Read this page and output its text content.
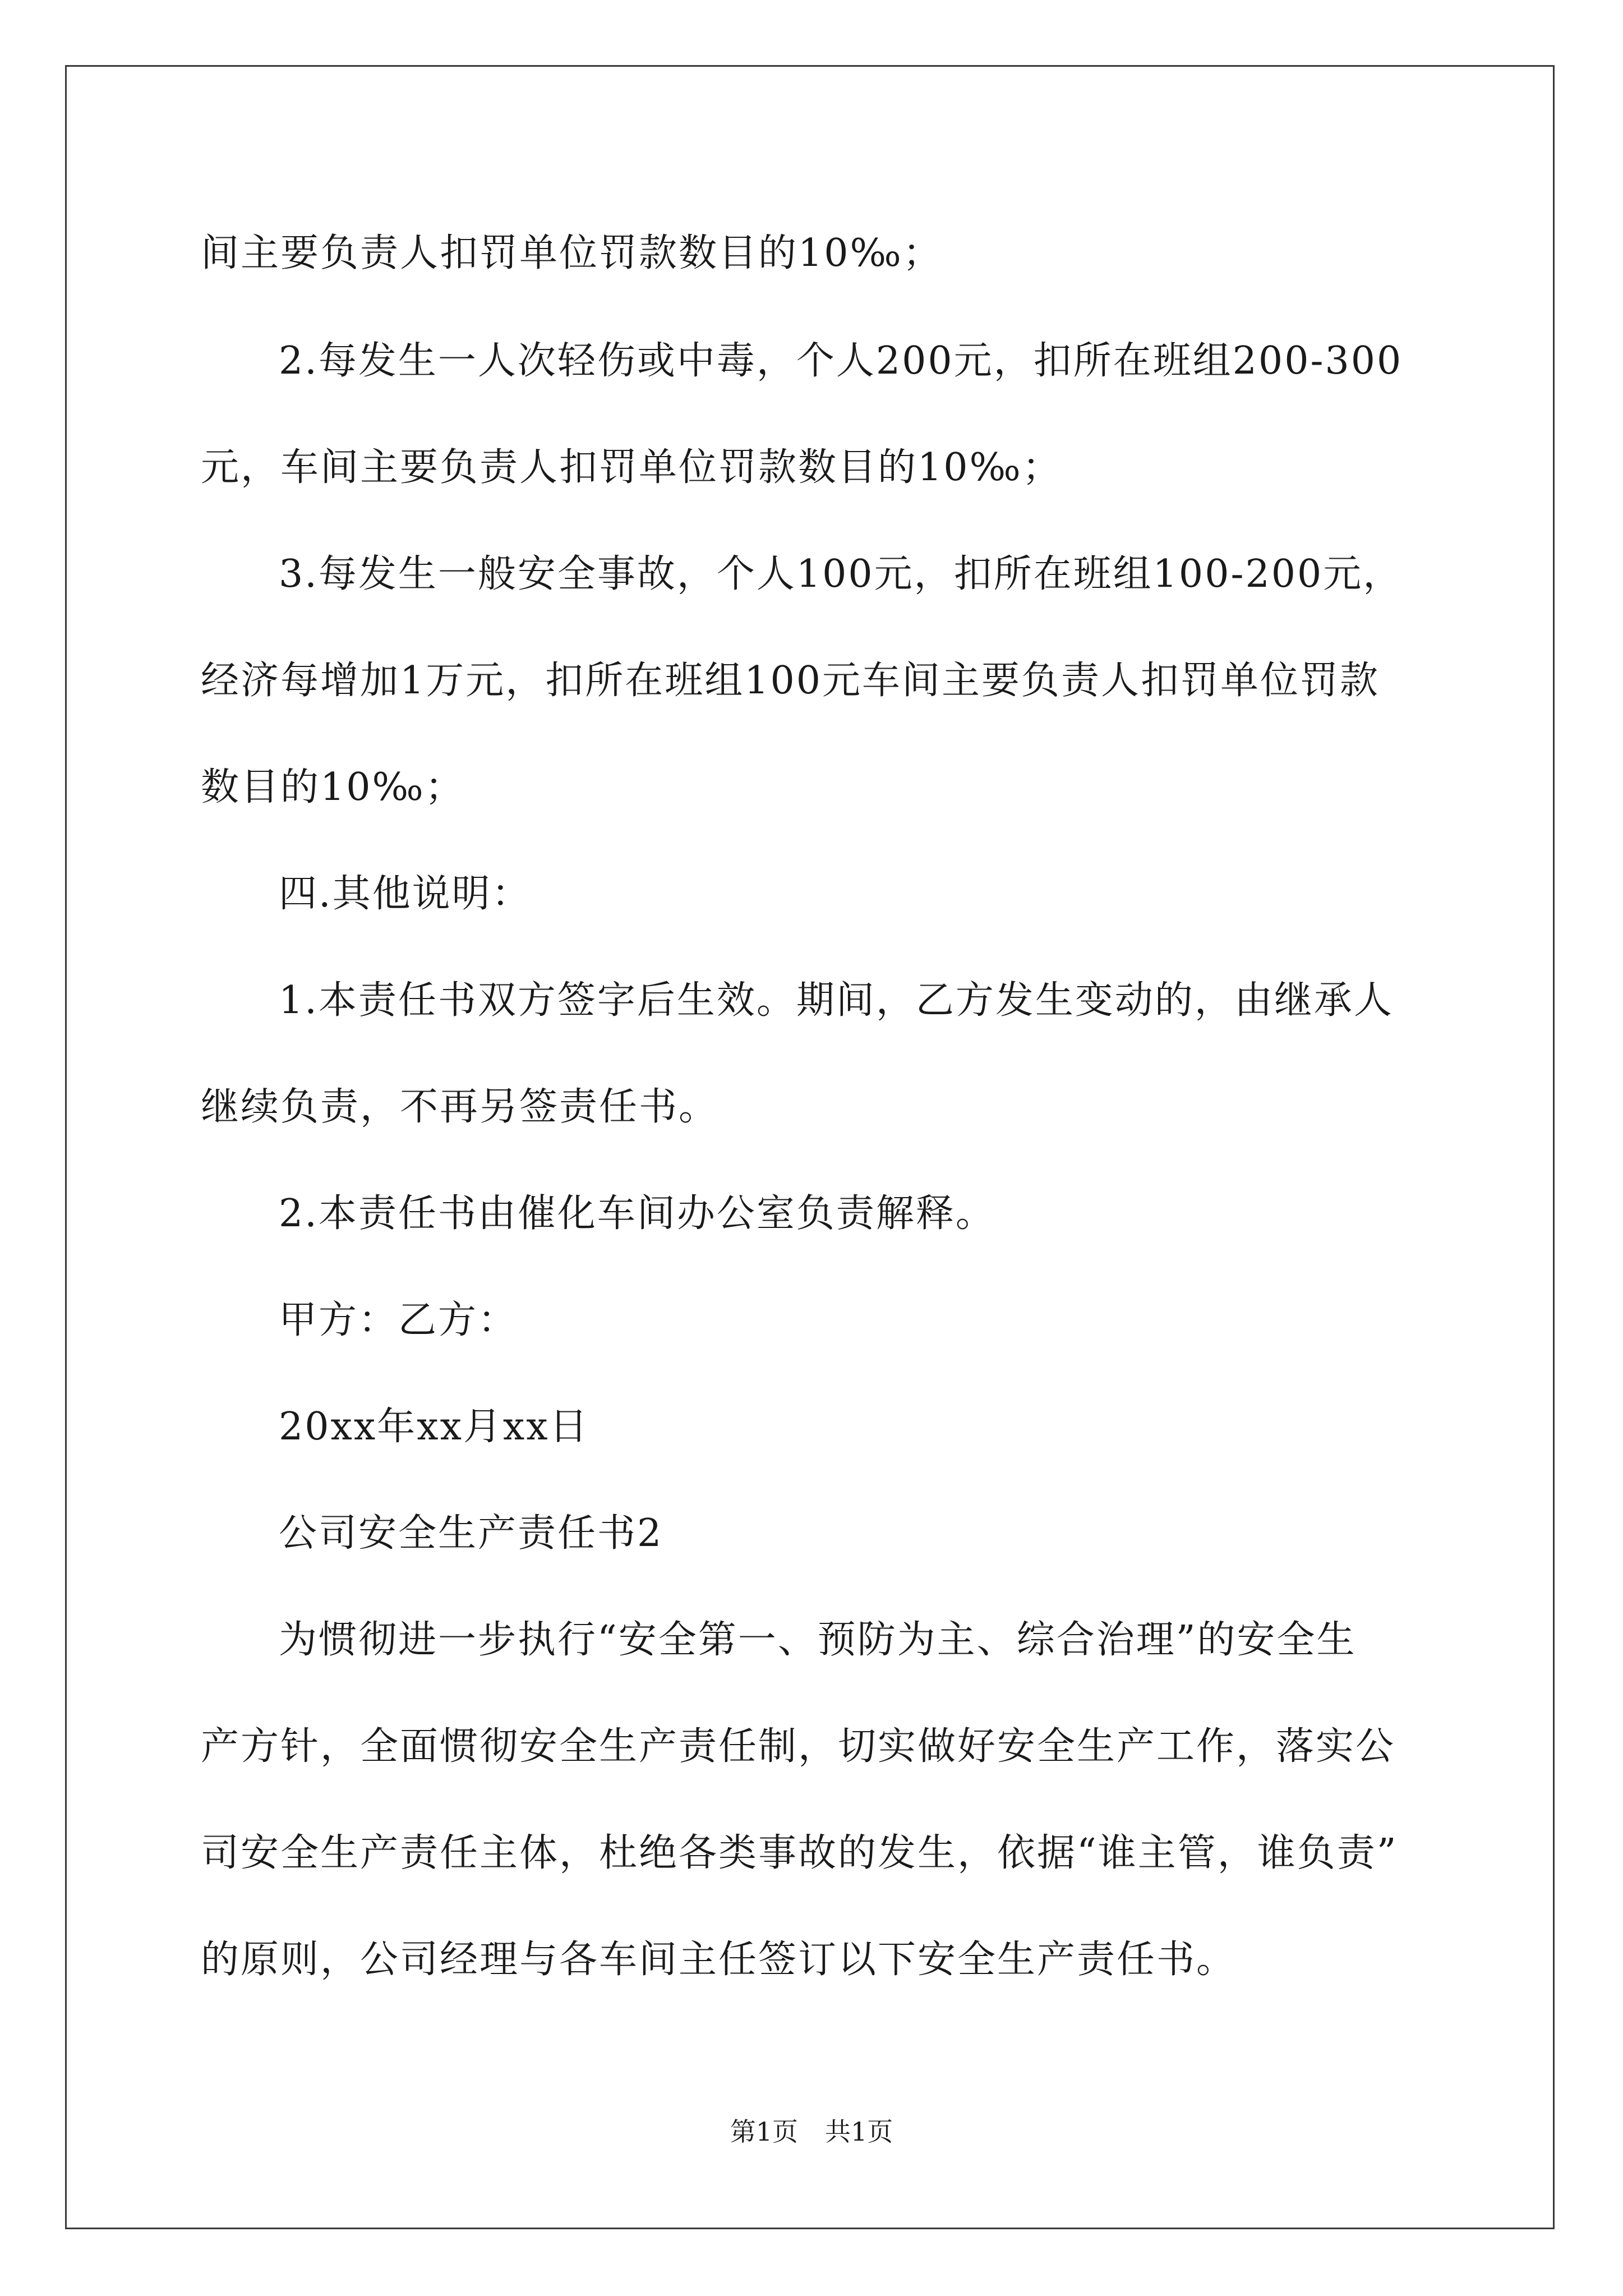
间主要负责人扣罚单位罚款数目的10‰；
2.每发生一人次轻伤或中毒，个人200元，扣所在班组200-300
元，车间主要负责人扣罚单位罚款数目的10‰；
3.每发生一般安全事故，个人100元，扣所在班组100-200元，
经济每增加1万元，扣所在班组100元车间主要负责人扣罚单位罚款
数目的10‰；
四.其他说明：
1.本责任书双方签字后生效。期间，乙方发生变动的，由继承人
继续负责，不再另签责任书。
2.本责任书由催化车间办公室负责解释。
甲方：乙方：
20xx年xx月xx日
公司安全生产责任书2
为惯彻进一步执行“安全第一、预防为主、综合治理”的安全生
产方针，全面惯彻安全生产责任制，切实做好安全生产工作，落实公
司安全生产责任主体，杜绝各类事故的发生，依据“谁主管，谁负责”
的原则，公司经理与各车间主任签订以下安全生产责任书。
第1页 共1页
